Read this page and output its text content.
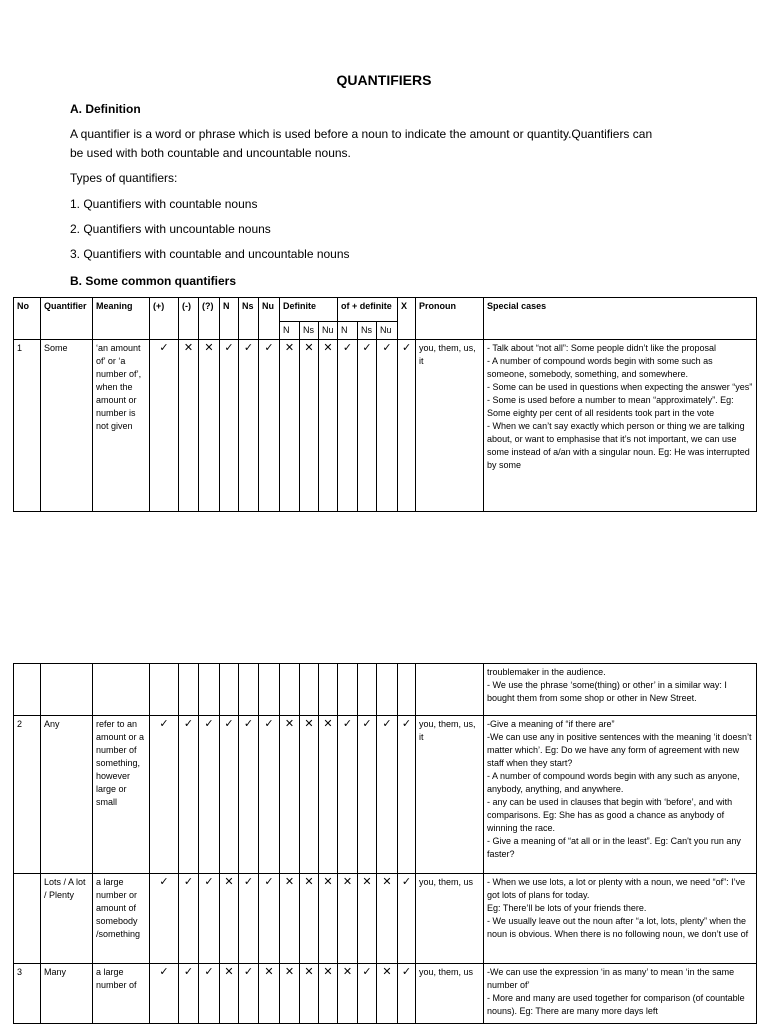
QUANTIFIERS
A. Definition
A quantifier is a word or phrase which is used before a noun to indicate the amount or quantity.Quantifiers can
be used with both countable and uncountable nouns.
Types of quantifiers:
1. Quantifiers with countable nouns
2. Quantifiers with uncountable nouns
3. Quantifiers with countable and uncountable nouns
B. Some common quantifiers
No	Quantifier	Meaning	(+)	(-)	(?)	N	Ns	Nu	Definite			of + definite			X	Pronoun	Special cases
									N	Ns	Nu	N	Ns	Nu			
1	Some	‘an amount of’ or ‘a number of’, when the amount or number is not given	✓	✕	✕	✓	✓	✓	✕	✕	✕	✓	✓	✓	✓	you, them, us, it	- Talk about “not all”: Some people didn’t like the proposal
- A number of compound words begin with some such as someone, somebody, something, and somewhere.
- Some can be used in questions when expecting the answer “yes”
- Some is used before a number to mean “approximately”. Eg: Some eighty per cent of all residents took part in the vote
- When we can’t say exactly which person or thing we are talking about, or want to emphasise that it’s not important, we can use some instead of a/an with a singular noun. Eg: He was interrupted by some

																	troublemaker in the audience.
- We use the phrase ‘some(thing) or other’ in a similar way: I bought them from some shop or other in New Street.

2	Any	refer to an amount or a number of something, however large or small	✓	✓	✓	✓	✓	✓	✕	✕	✕	✓	✓	✓	✓	you, them, us, it	-Give a meaning of “if there are”
-We can use any in positive sentences with the meaning ‘it doesn’t matter which’. Eg: Do we have any form of agreement with new staff when they start?
- A number of compound words begin with any such as anyone, anybody, anything, and anywhere.
- any can be used in clauses that begin with ‘before’, and with comparisons. Eg: She has as good a chance as anybody of winning the race.
- Give a meaning of “at all or in the least”. Eg: Can't you run any faster?

	Lots / A lot / Plenty	a large number or amount of somebody /something	✓	✓	✓	✕	✓	✓	✕	✕	✕	✕	✕	✕	✓	you, them, us	- When we use lots, a lot or plenty with a noun, we need “of”: I’ve got lots of plans for today.
Eg: There’ll be lots of your friends there.
- We usually leave out the noun after “a lot, lots, plenty” when the noun is obvious. When there is no following noun, we don’t use of

3	Many	a large number of	✓	✓	✓	✕	✓	✕	✕	✕	✕	✕	✓	✕	✓	you, them, us	-We can use the expression ‘in as many’ to mean ‘in the same number of’
- More and many are used together for comparison (of countable nouns). Eg: There are many more days left
